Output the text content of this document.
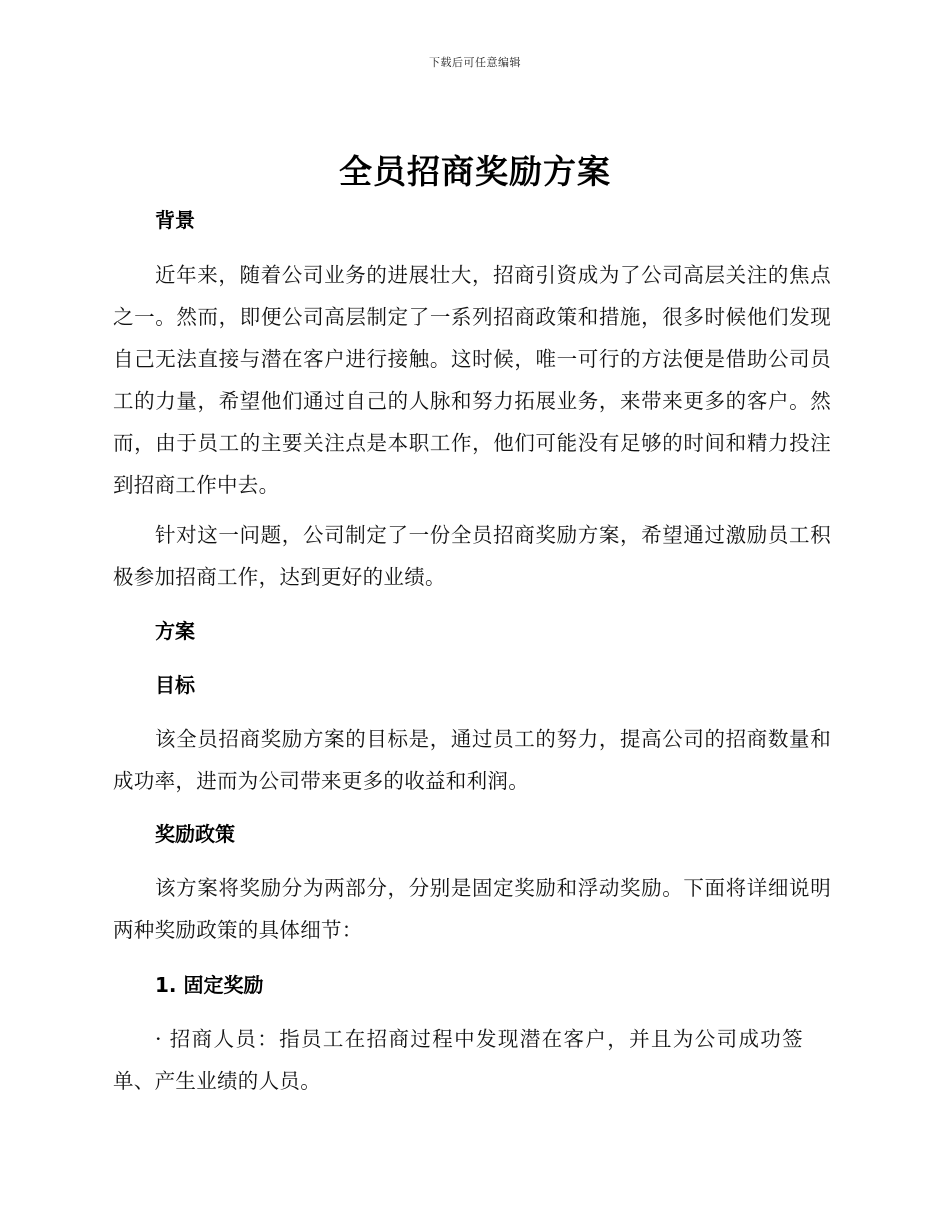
下载后可任意编辑
全员招商奖励方案

背景

近年来，随着公司业务的进展壮大，招商引资成为了公司高层关注的焦点之一。然而，即便公司高层制定了一系列招商政策和措施，很多时候他们发现自己无法直接与潜在客户进行接触。这时候，唯一可行的方法便是借助公司员工的力量，希望他们通过自己的人脉和努力拓展业务，来带来更多的客户。然而，由于员工的主要关注点是本职工作，他们可能没有足够的时间和精力投注到招商工作中去。

针对这一问题，公司制定了一份全员招商奖励方案，希望通过激励员工积极参加招商工作，达到更好的业绩。

方案

目标

该全员招商奖励方案的目标是，通过员工的努力，提高公司的招商数量和成功率，进而为公司带来更多的收益和利润。

奖励政策

该方案将奖励分为两部分，分别是固定奖励和浮动奖励。下面将详细说明两种奖励政策的具体细节：

1. 固定奖励

· 招商人员：指员工在招商过程中发现潜在客户，并且为公司成功签单、产生业绩的人员。
